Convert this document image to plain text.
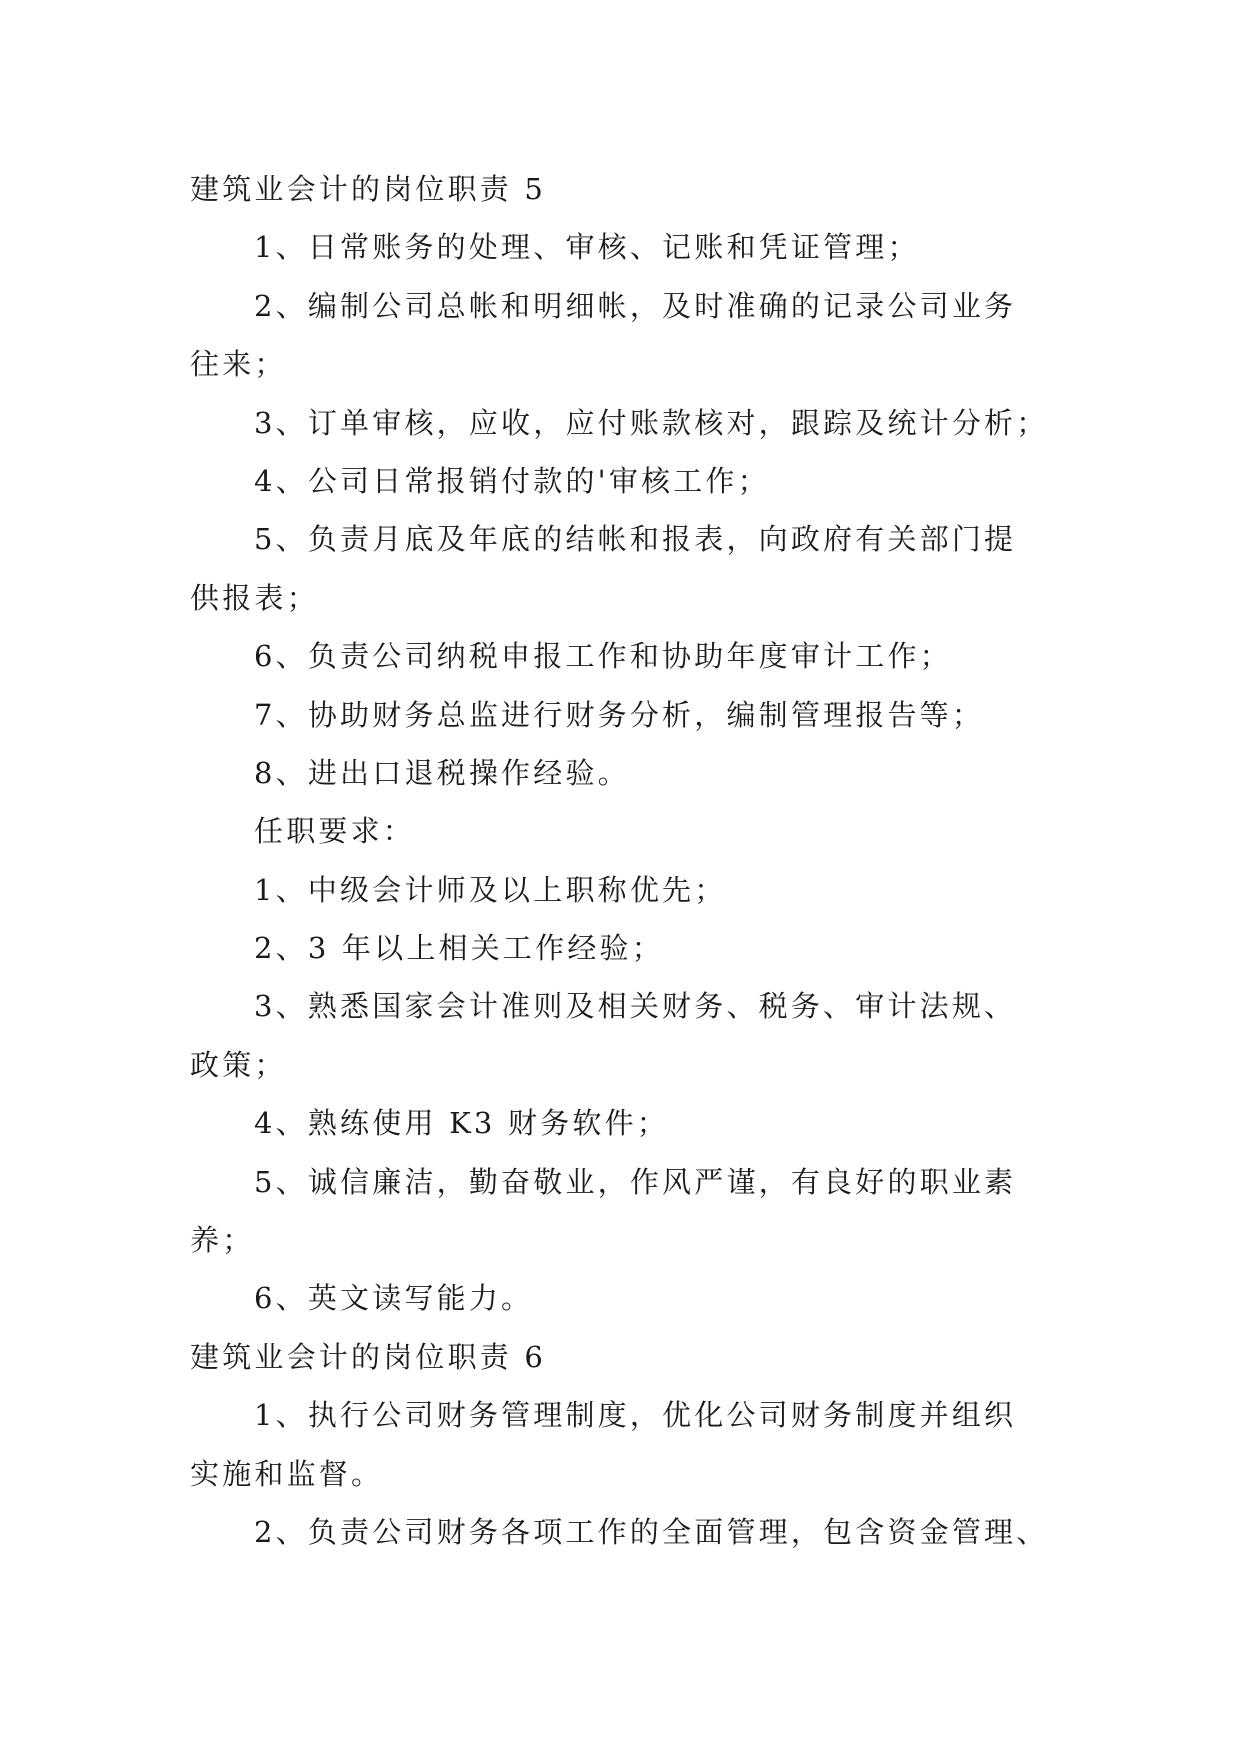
建筑业会计的岗位职责 5
1、日常账务的处理、审核、记账和凭证管理；
2、编制公司总帐和明细帐，及时准确的记录公司业务
往来；
3、订单审核，应收，应付账款核对，跟踪及统计分析；
4、公司日常报销付款的'审核工作；
5、负责月底及年底的结帐和报表，向政府有关部门提
供报表；
6、负责公司纳税申报工作和协助年度审计工作；
7、协助财务总监进行财务分析，编制管理报告等；
8、进出口退税操作经验。
任职要求：
1、中级会计师及以上职称优先；
2、3 年以上相关工作经验；
3、熟悉国家会计准则及相关财务、税务、审计法规、
政策；
4、熟练使用 K3 财务软件；
5、诚信廉洁，勤奋敬业，作风严谨，有良好的职业素
养；
6、英文读写能力。
建筑业会计的岗位职责 6
1、执行公司财务管理制度，优化公司财务制度并组织
实施和监督。
2、负责公司财务各项工作的全面管理，包含资金管理、
